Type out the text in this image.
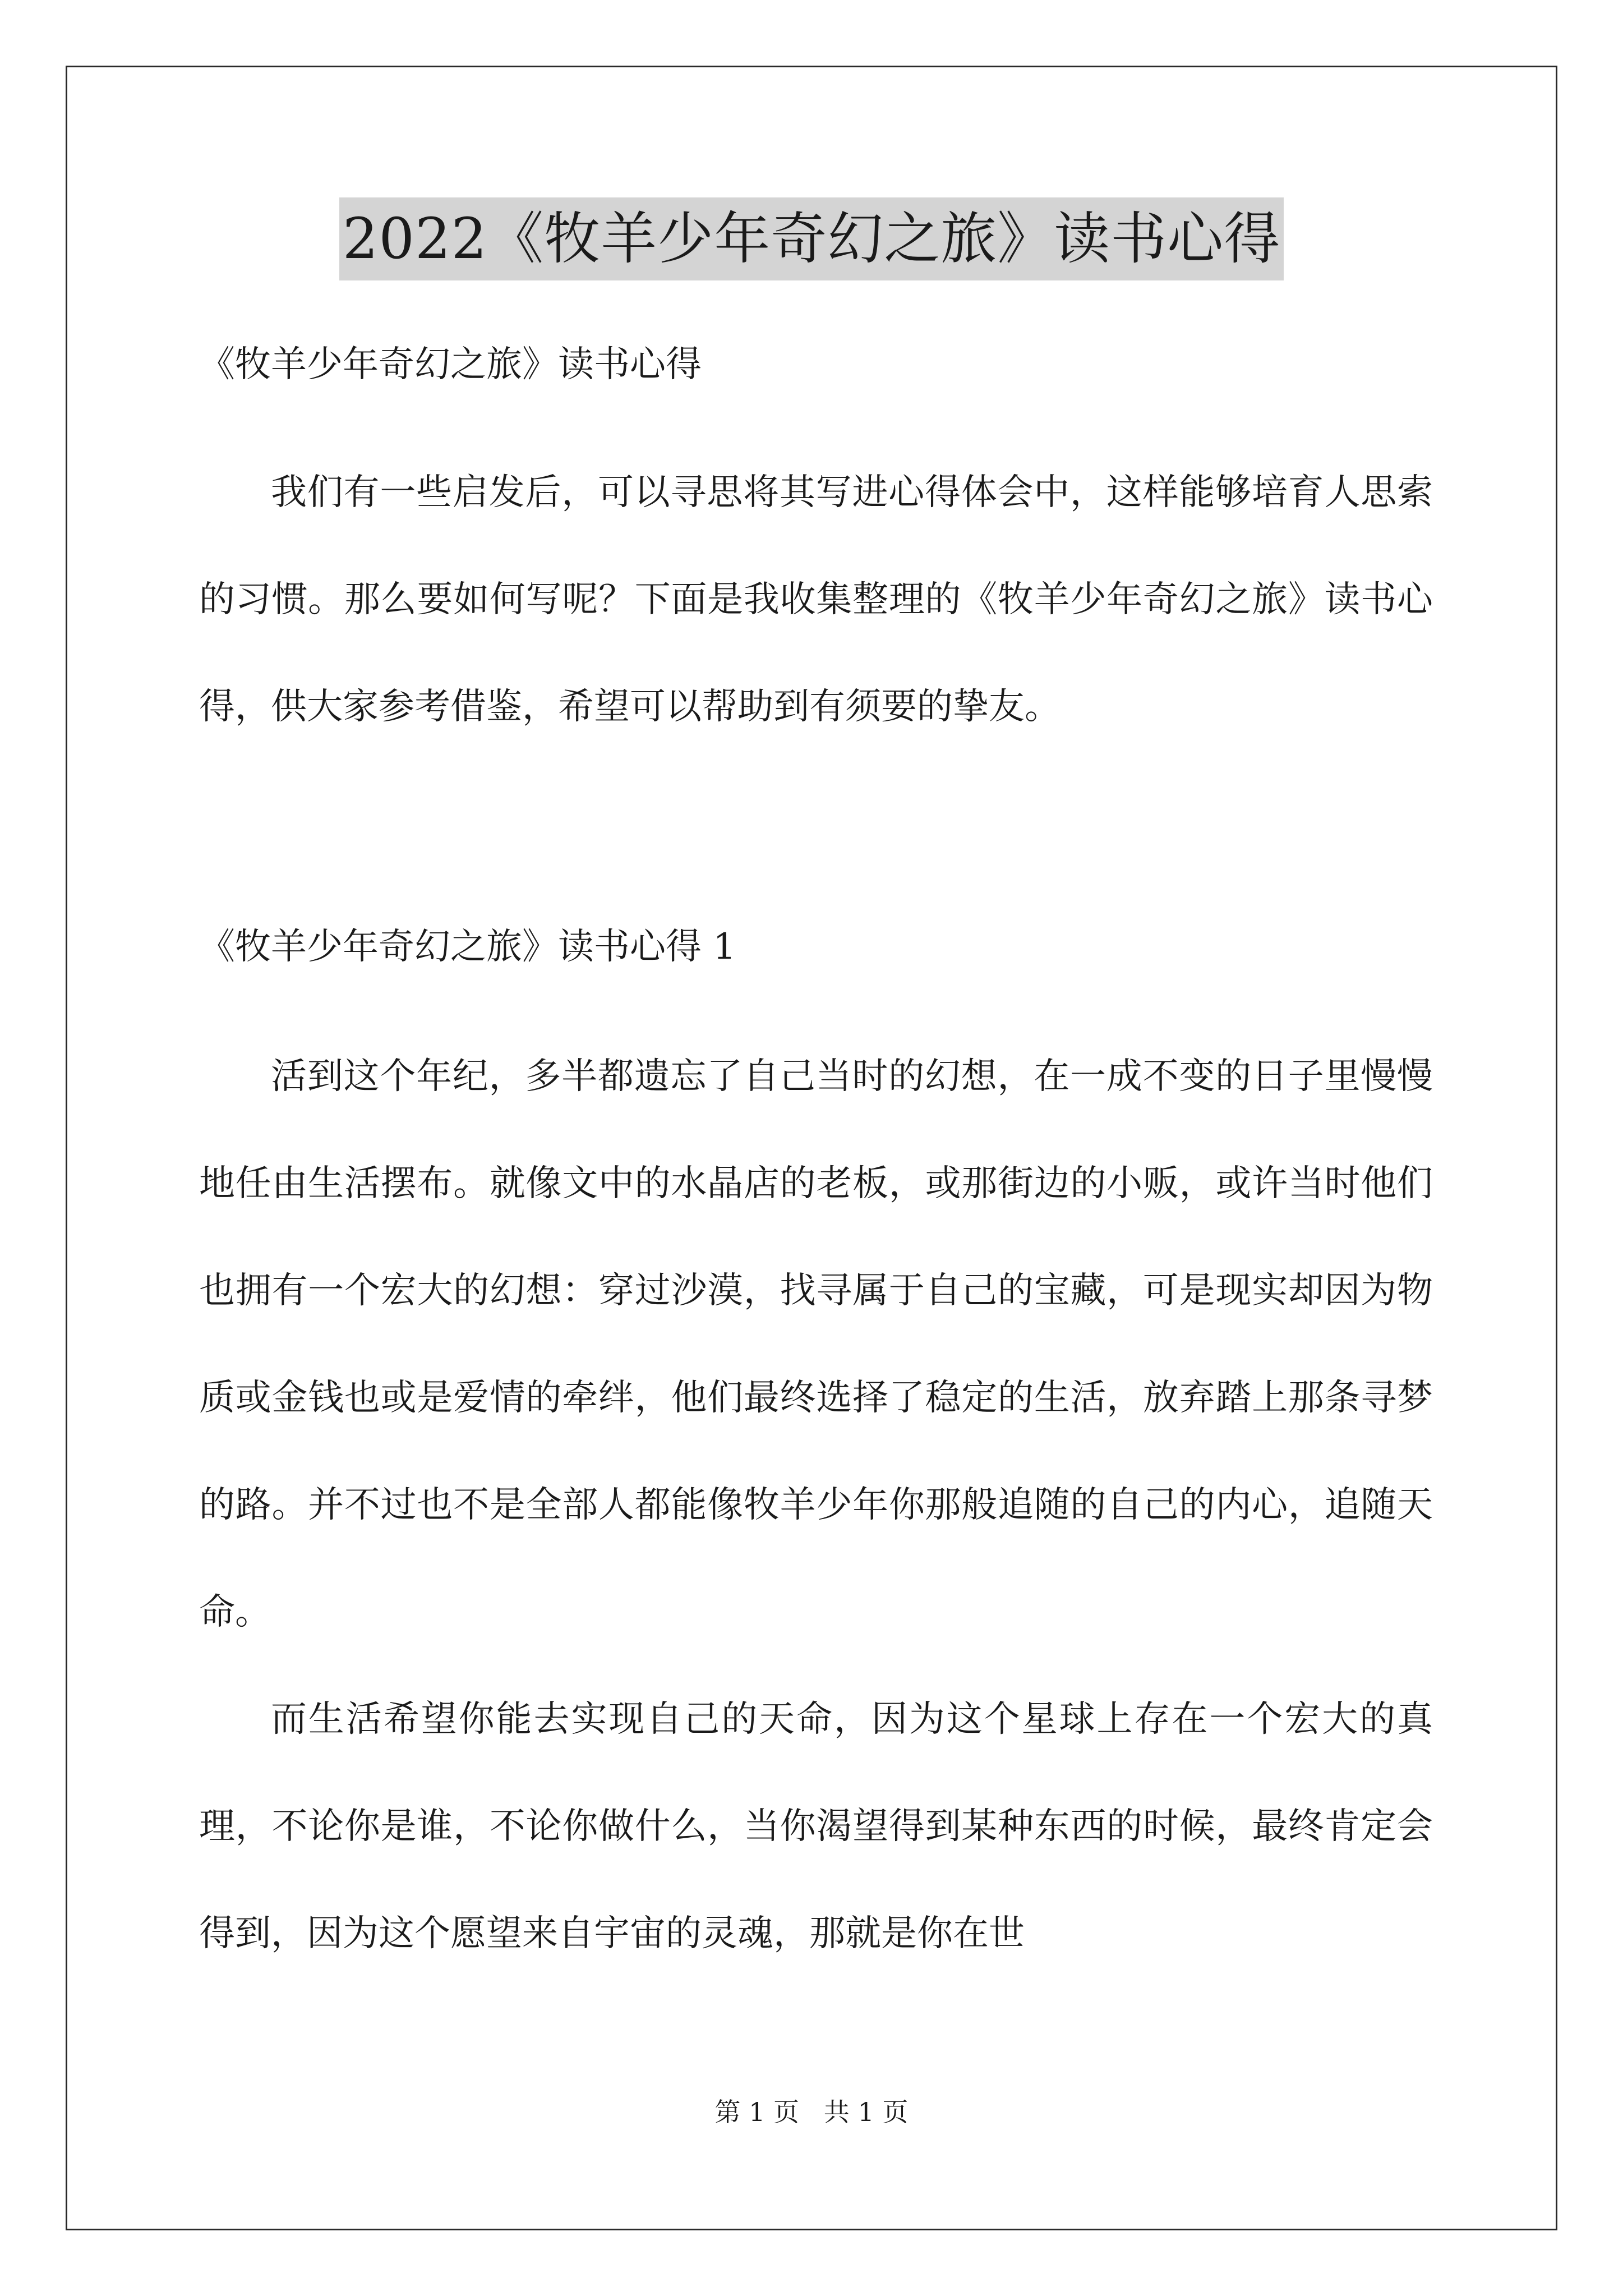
2022《牧羊少年奇幻之旅》读书心得

《牧羊少年奇幻之旅》读书心得

我们有一些启发后，可以寻思将其写进心得体会中，这样能够培育人思索的习惯。那么要如何写呢？下面是我收集整理的《牧羊少年奇幻之旅》读书心得，供大家参考借鉴，希望可以帮助到有须要的挚友。

《牧羊少年奇幻之旅》读书心得 1

活到这个年纪，多半都遗忘了自己当时的幻想，在一成不变的日子里慢慢地任由生活摆布。就像文中的水晶店的老板，或那街边的小贩，或许当时他们也拥有一个宏大的幻想：穿过沙漠，找寻属于自己的宝藏，可是现实却因为物质或金钱也或是爱情的牵绊，他们最终选择了稳定的生活，放弃踏上那条寻梦的路。并不过也不是全部人都能像牧羊少年你那般追随的自己的内心，追随天命。

而生活希望你能去实现自己的天命，因为这个星球上存在一个宏大的真理，不论你是谁，不论你做什么，当你渴望得到某种东西的时候，最终肯定会得到，因为这个愿望来自宇宙的灵魂，那就是你在世

第 1 页   共 1 页
